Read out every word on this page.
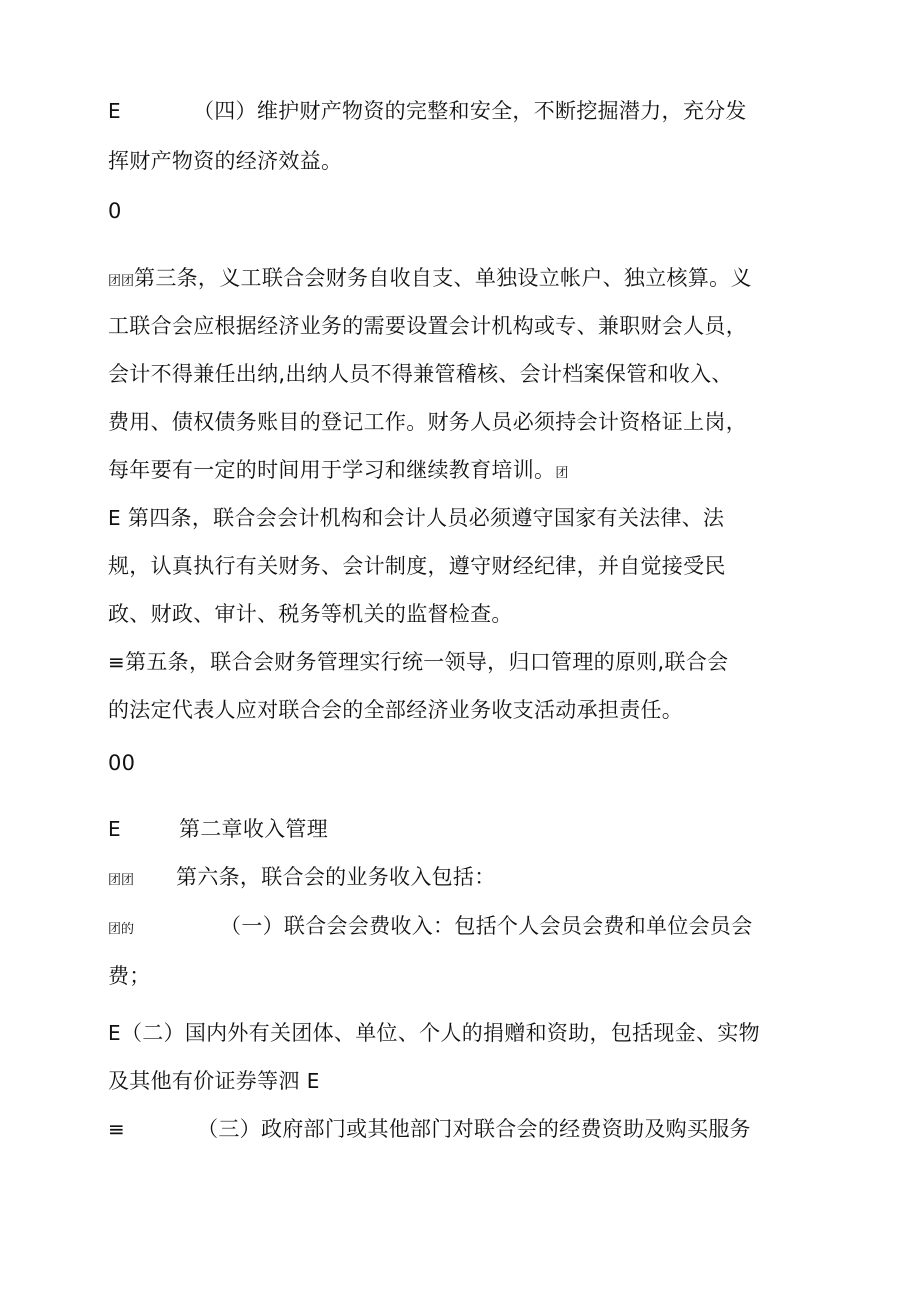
E	（四）维护财产物资的完整和安全，不断挖掘潜力，充分发
挥财产物资的经济效益。
0
团团第三条，义工联合会财务自收自支、单独设立帐户、独立核算。义
工联合会应根据经济业务的需要设置会计机构或专、兼职财会人员，
会计不得兼任出纳,出纳人员不得兼管稽核、会计档案保管和收入、
费用、债权债务账目的登记工作。财务人员必须持会计资格证上岗，
每年要有一定的时间用于学习和继续教育培训。团
E 第四条，联合会会计机构和会计人员必须遵守国家有关法律、法
规，认真执行有关财务、会计制度，遵守财经纪律，并自觉接受民
政、财政、审计、税务等机关的监督检查。
≡第五条，联合会财务管理实行统一领导，归口管理的原则,联合会
的法定代表人应对联合会的全部经济业务收支活动承担责任。
00
E	第二章收入管理
团团 第六条，联合会的业务收入包括：
团的	（一）联合会会费收入：包括个人会员会费和单位会员会
费；
E（二）国内外有关团体、单位、个人的捐赠和资助，包括现金、实物
及其他有价证券等泗 E
≡	（三）政府部门或其他部门对联合会的经费资助及购买服务
